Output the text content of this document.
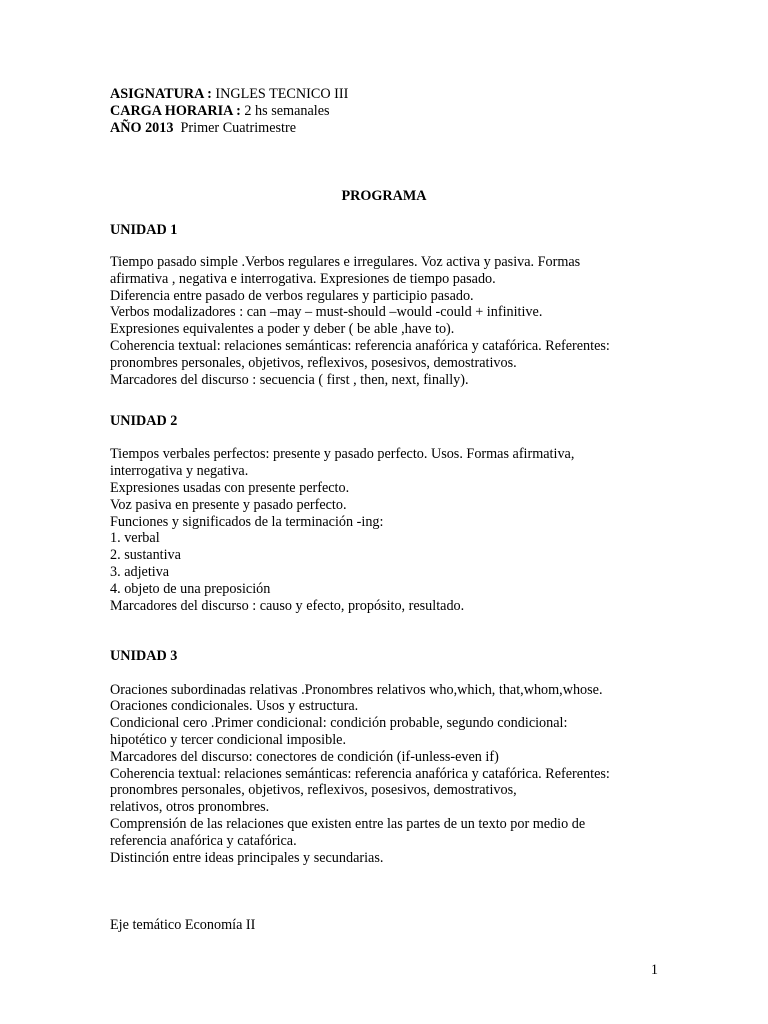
ASIGNATURA : INGLES TECNICO III
CARGA HORARIA : 2 hs semanales
AÑO 2013  Primer Cuatrimestre
PROGRAMA
UNIDAD 1
Tiempo pasado simple .Verbos regulares e irregulares. Voz activa y pasiva. Formas
afirmativa , negativa e interrogativa. Expresiones de tiempo pasado.
Diferencia entre pasado de verbos regulares y participio pasado.
Verbos modalizadores : can –may – must-should –would -could + infinitive.
Expresiones equivalentes a poder y deber ( be able ,have to).
Coherencia textual: relaciones semánticas: referencia anafórica y catafórica. Referentes:
pronombres personales, objetivos, reflexivos, posesivos, demostrativos.
Marcadores del discurso : secuencia ( first , then, next, finally).
UNIDAD 2
Tiempos verbales perfectos: presente y pasado perfecto. Usos. Formas afirmativa,
interrogativa y negativa.
Expresiones usadas con presente perfecto.
Voz pasiva en presente y pasado perfecto.
Funciones y significados de la terminación -ing:
1. verbal
2. sustantiva
3. adjetiva
4. objeto de una preposición
Marcadores del discurso : causo y efecto, propósito, resultado.
UNIDAD 3
Oraciones subordinadas relativas .Pronombres relativos who,which, that,whom,whose.
Oraciones condicionales. Usos y estructura.
Condicional cero .Primer condicional: condición probable, segundo condicional:
hipotético y tercer condicional imposible.
Marcadores del discurso: conectores de condición (if-unless-even if)
Coherencia textual: relaciones semánticas: referencia anafórica y catafórica. Referentes:
pronombres personales, objetivos, reflexivos, posesivos, demostrativos,
relativos, otros pronombres.
Comprensión de las relaciones que existen entre las partes de un texto por medio de
referencia anafórica y catafórica.
Distinción entre ideas principales y secundarias.
Eje temático Economía II
1
